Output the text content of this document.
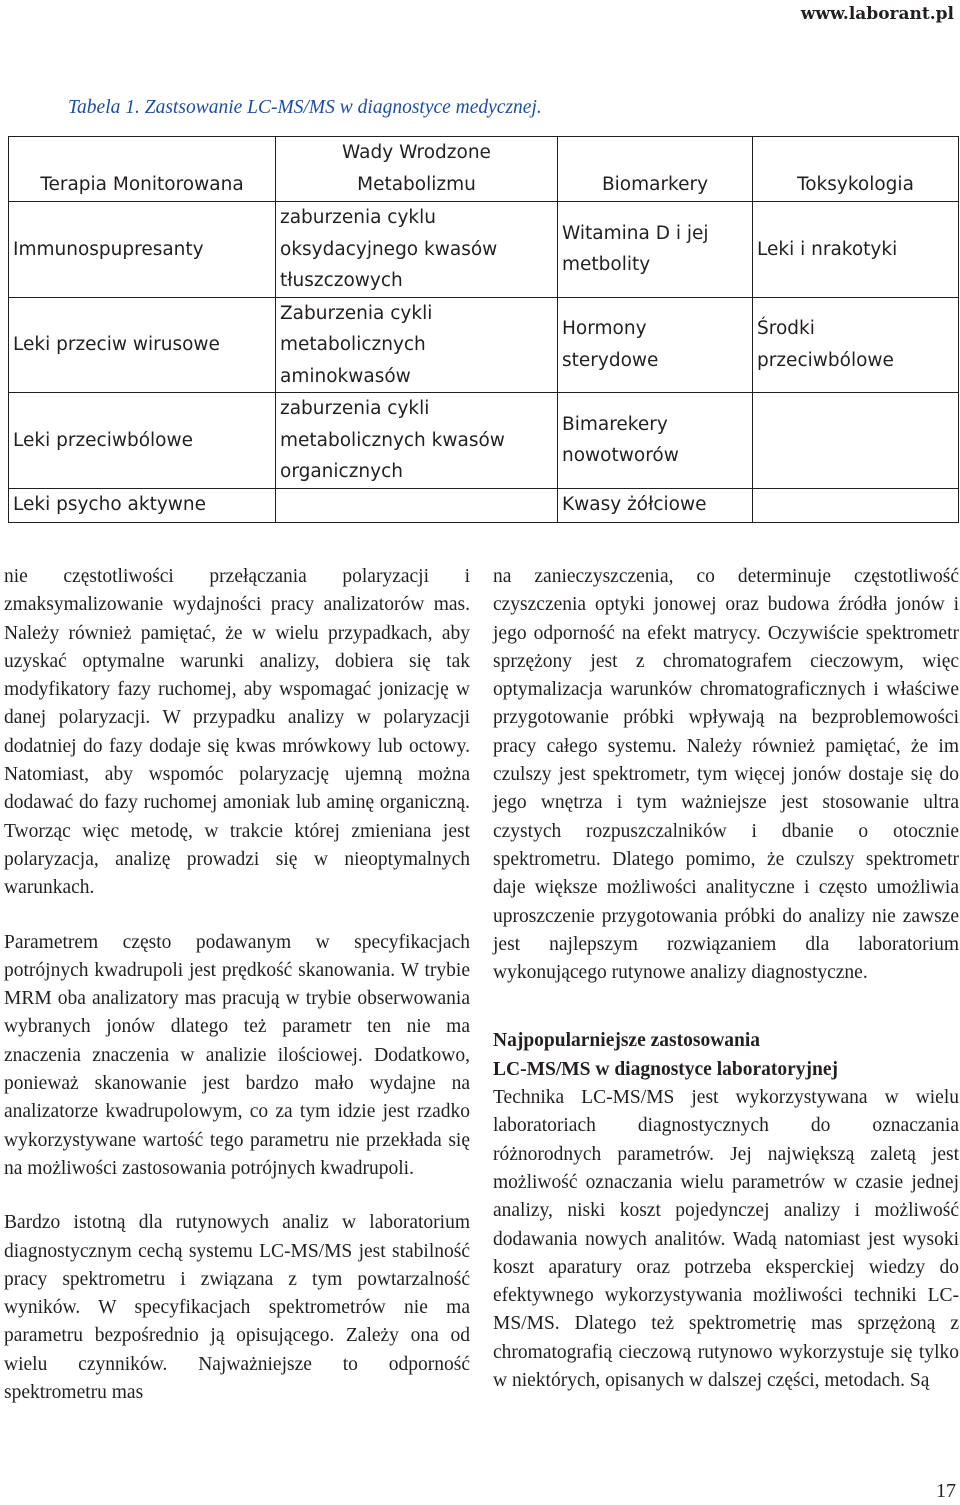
www.laborant.pl
Tabela 1. Zastsowanie LC-MS/MS w diagnostyce medycznej.
Terapia Monitorowana	Wady Wrodzone Metabolizmu	Biomarkery	Toksykologia
Immunospupresanty	zaburzenia cyklu oksydacyjnego kwasów tłuszczowych	Witamina D i jej metbolity	Leki i nrakotyki
Leki przeciw wirusowe	Zaburzenia cykli metabolicznych aminokwasów	Hormony sterydowe	Środki przeciwbólowe
Leki przeciwbólowe	zaburzenia cykli metabolicznych kwasów organicznych	Bimarekery nowotworów	
Leki psycho aktywne		Kwasy żółciowe	

nie częstotliwości przełączania polaryzacji i zmaksymalizowanie wydajności pracy analizatorów mas. Należy również pamiętać, że w wielu przypadkach, aby uzyskać optymalne warunki analizy, dobiera się tak modyfikatory fazy ruchomej, aby wspomagać jonizację w danej polaryzacji. W przypadku analizy w polaryzacji dodatniej do fazy dodaje się kwas mrówkowy lub octowy. Natomiast, aby wspomóc polaryzację ujemną można dodawać do fazy ruchomej amoniak lub aminę organiczną. Tworząc więc metodę, w trakcie której zmieniana jest polaryzacja, analizę prowadzi się w nieoptymalnych warunkach.

Parametrem często podawanym w specyfikacjach potrójnych kwadrupoli jest prędkość skanowania. W trybie MRM oba analizatory mas pracują w trybie obserwowania wybranych jonów dlatego też parametr ten nie ma znaczenia znaczenia w analizie ilościowej. Dodatkowo, ponieważ skanowanie jest bardzo mało wydajne na analizatorze kwadrupolowym, co za tym idzie jest rzadko wykorzystywane wartość tego parametru nie przekłada się na możliwości zastosowania potrójnych kwadrupoli.

Bardzo istotną dla rutynowych analiz w laboratorium diagnostycznym cechą systemu LC-MS/MS jest stabilność pracy spektrometru i związana z tym powtarzalność wyników. W specyfikacjach spektrometrów nie ma parametru bezpośrednio ją opisującego. Zależy ona od wielu czynników. Najważniejsze to odporność spektrometru mas

na zanieczyszczenia, co determinuje częstotliwość czyszczenia optyki jonowej oraz budowa źródła jonów i jego odporność na efekt matrycy. Oczywiście spektrometr sprzężony jest z chromatografem cieczowym, więc optymalizacja warunków chromatograficznych i właściwe przygotowanie próbki wpływają na bezproblemowości pracy całego systemu. Należy również pamiętać, że im czulszy jest spektrometr, tym więcej jonów dostaje się do jego wnętrza i tym ważniejsze jest stosowanie ultra czystych rozpuszczalników i dbanie o otocznie spektrometru. Dlatego pomimo, że czulszy spektrometr daje większe możliwości analityczne i często umożliwia uproszczenie przygotowania próbki do analizy nie zawsze jest najlepszym rozwiązaniem dla laboratorium wykonującego rutynowe analizy diagnostyczne.

Najpopularniejsze zastosowania
LC-MS/MS w diagnostyce laboratoryjnej

Technika LC-MS/MS jest wykorzystywana w wielu laboratoriach diagnostycznych do oznaczania różnorodnych parametrów. Jej największą zaletą jest możliwość oznaczania wielu parametrów w czasie jednej analizy, niski koszt pojedynczej analizy i możliwość dodawania nowych analitów. Wadą natomiast jest wysoki koszt aparatury oraz potrzeba eksperckiej wiedzy do efektywnego wykorzystywania możliwości techniki LC-MS/MS. Dlatego też spektrometrię mas sprzężoną z chromatografią cieczową rutynowo wykorzystuje się tylko w niektórych, opisanych w dalszej części, metodach. Są

17
